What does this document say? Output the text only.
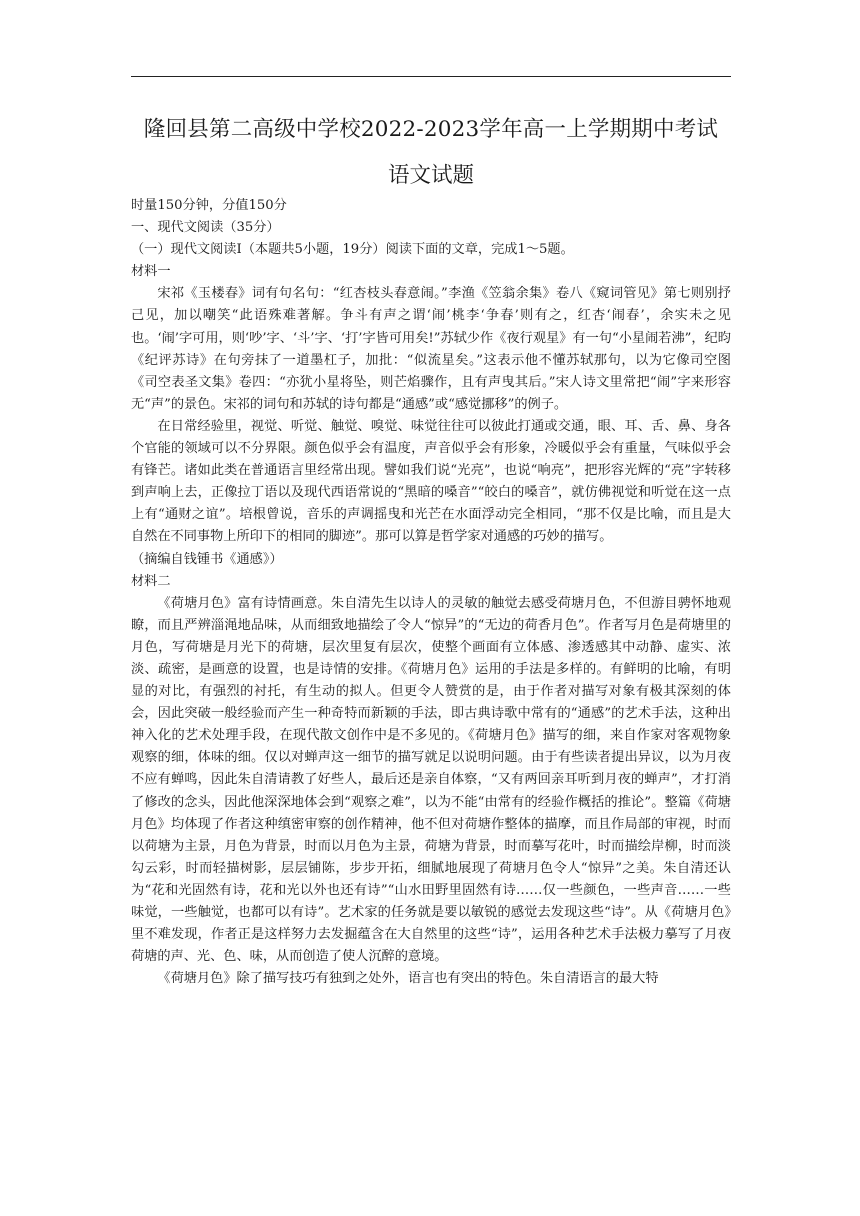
隆回县第二高级中学校2022-2023学年高一上学期期中考试
语文试题

时量150分钟，分值150分

一、现代文阅读（35分）

（一）现代文阅读Ⅰ（本题共5小题，19分）阅读下面的文章，完成1～5题。

材料一

宋祁《玉楼春》词有句名句：“红杏枝头春意闹。”李渔《笠翁余集》卷八《窥词管见》第七则别抒己见，加以嘲笑“此语殊难著解。争斗有声之谓‘闹’桃李‘争春’则有之，红杏‘闹春’，余实未之见也。‘闹’字可用，则‘吵’字、‘斗’字、‘打’字皆可用矣!”苏轼少作《夜行观星》有一句“小星闹若沸”，纪昀《纪评苏诗》在句旁抹了一道墨杠子，加批：“似流星矣。”这表示他不懂苏轼那句，以为它像司空图《司空表圣文集》卷四：“亦犹小星将坠，则芒焰骤作，且有声曳其后。”宋人诗文里常把“闹”字来形容无“声”的景色。宋祁的词句和苏轼的诗句都是“通感”或“感觉挪移”的例子。

在日常经验里，视觉、听觉、触觉、嗅觉、味觉往往可以彼此打通或交通，眼、耳、舌、鼻、身各个官能的领域可以不分界限。颜色似乎会有温度，声音似乎会有形象，冷暖似乎会有重量，气味似乎会有锋芒。诸如此类在普通语言里经常出现。譬如我们说“光亮”，也说“响亮”，把形容光辉的“亮”字转移到声响上去，正像拉丁语以及现代西语常说的“黑暗的嗓音”“皎白的嗓音”，就仿佛视觉和听觉在这一点上有“通财之谊”。培根曾说，音乐的声调摇曳和光芒在水面浮动完全相同，“那不仅是比喻，而且是大自然在不同事物上所印下的相同的脚迹”。那可以算是哲学家对通感的巧妙的描写。

（摘编自钱锺书《通感》）

材料二

《荷塘月色》富有诗情画意。朱自清先生以诗人的灵敏的触觉去感受荷塘月色，不但游目骋怀地观瞭，而且严辨淄渑地品味，从而细致地描绘了令人“惊异”的“无边的荷香月色”。作者写月色是荷塘里的月色，写荷塘是月光下的荷塘，层次里复有层次，使整个画面有立体感、渗透感其中动静、虚实、浓淡、疏密，是画意的设置，也是诗情的安排。《荷塘月色》运用的手法是多样的。有鲜明的比喻，有明显的对比，有强烈的衬托，有生动的拟人。但更令人赞赏的是，由于作者对描写对象有极其深刻的体会，因此突破一般经验而产生一种奇特而新颖的手法，即古典诗歌中常有的“通感”的艺术手法，这种出神入化的艺术处理手段，在现代散文创作中是不多见的。《荷塘月色》描写的细，来自作家对客观物象观察的细，体味的细。仅以对蝉声这一细节的描写就足以说明问题。由于有些读者提出异议，以为月夜不应有蝉鸣，因此朱自清请教了好些人，最后还是亲自体察，“又有两回亲耳听到月夜的蝉声”，才打消了修改的念头，因此他深深地体会到“观察之难”，以为不能“由常有的经验作概括的推论”。整篇《荷塘月色》均体现了作者这种缜密审察的创作精神，他不但对荷塘作整体的描摩，而且作局部的审视，时而以荷塘为主景，月色为背景，时而以月色为主景，荷塘为背景，时而摹写花叶，时而描绘岸柳，时而淡勾云彩，时而轻描树影，层层铺陈，步步开拓，细腻地展现了荷塘月色令人“惊异”之美。朱自清还认为“花和光固然有诗，花和光以外也还有诗”“山水田野里固然有诗……仅一些颜色，一些声音……一些味觉，一些触觉，也都可以有诗”。艺术家的任务就是要以敏锐的感觉去发现这些“诗”。从《荷塘月色》里不难发现，作者正是这样努力去发掘蕴含在大自然里的这些“诗”，运用各种艺术手法极力摹写了月夜荷塘的声、光、色、味，从而创造了使人沉醉的意境。

《荷塘月色》除了描写技巧有独到之处外，语言也有突出的特色。朱自清语言的最大特
